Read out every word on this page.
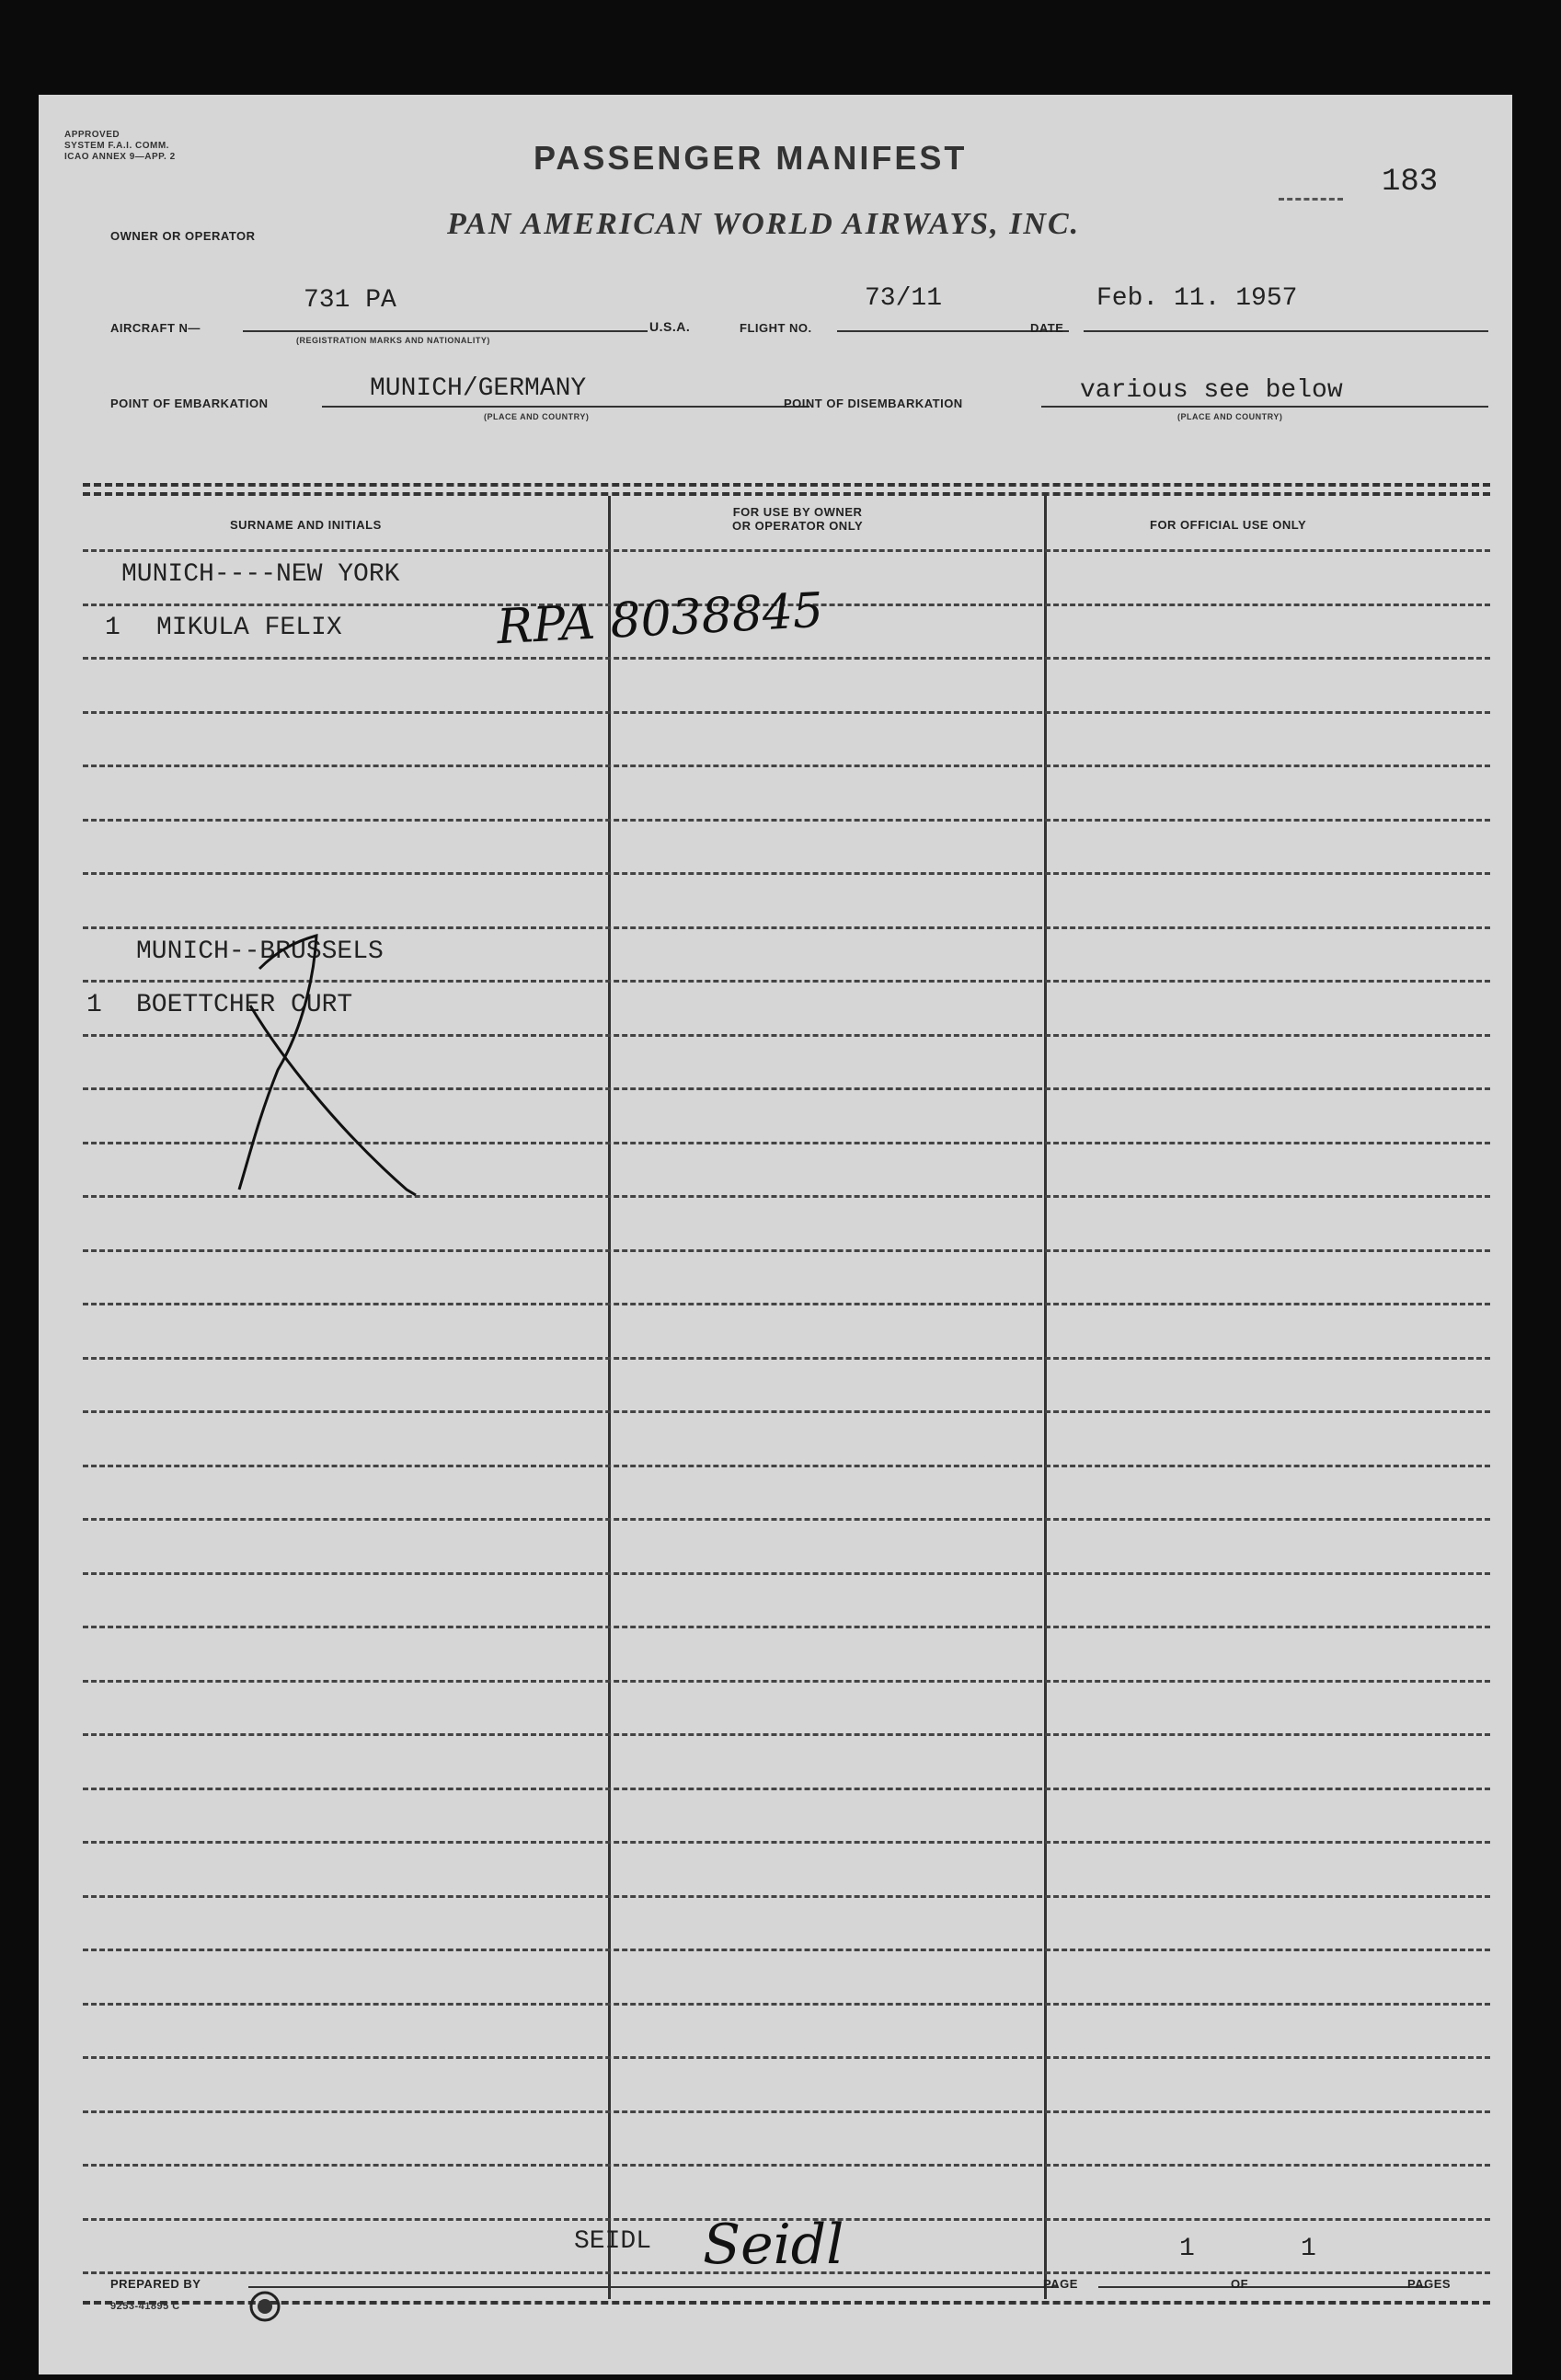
APPROVED
SYSTEM F.A.I. COMM.
ICAO ANNEX 9—APP. 2	PASSENGER MANIFEST
183
OWNER OR OPERATOR	PAN AMERICAN WORLD AIRWAYS, INC.
AIRCRAFT N—
731 PA
(REGISTRATION MARKS AND NATIONALITY)
U.S.A.	FLIGHT NO.
73/11
DATE
Feb. 11. 1957
POINT OF EMBARKATION
MUNICH/GERMANY
(PLACE AND COUNTRY)
POINT OF DISEMBARKATION	various see below
(PLACE AND COUNTRY)
SURNAME AND INITIALS
FOR USE BY OWNER
OR OPERATOR ONLY	FOR OFFICIAL USE ONLY
MUNICH----NEW YORK
1 MIKULA FELIX	RPA 8038845
MUNICH--BRUSSELS
1 BOETTCHER CURT
SEIDL Seidl
PREPARED BY	PAGE
1
OF
1
PAGES
9253-41895 C
